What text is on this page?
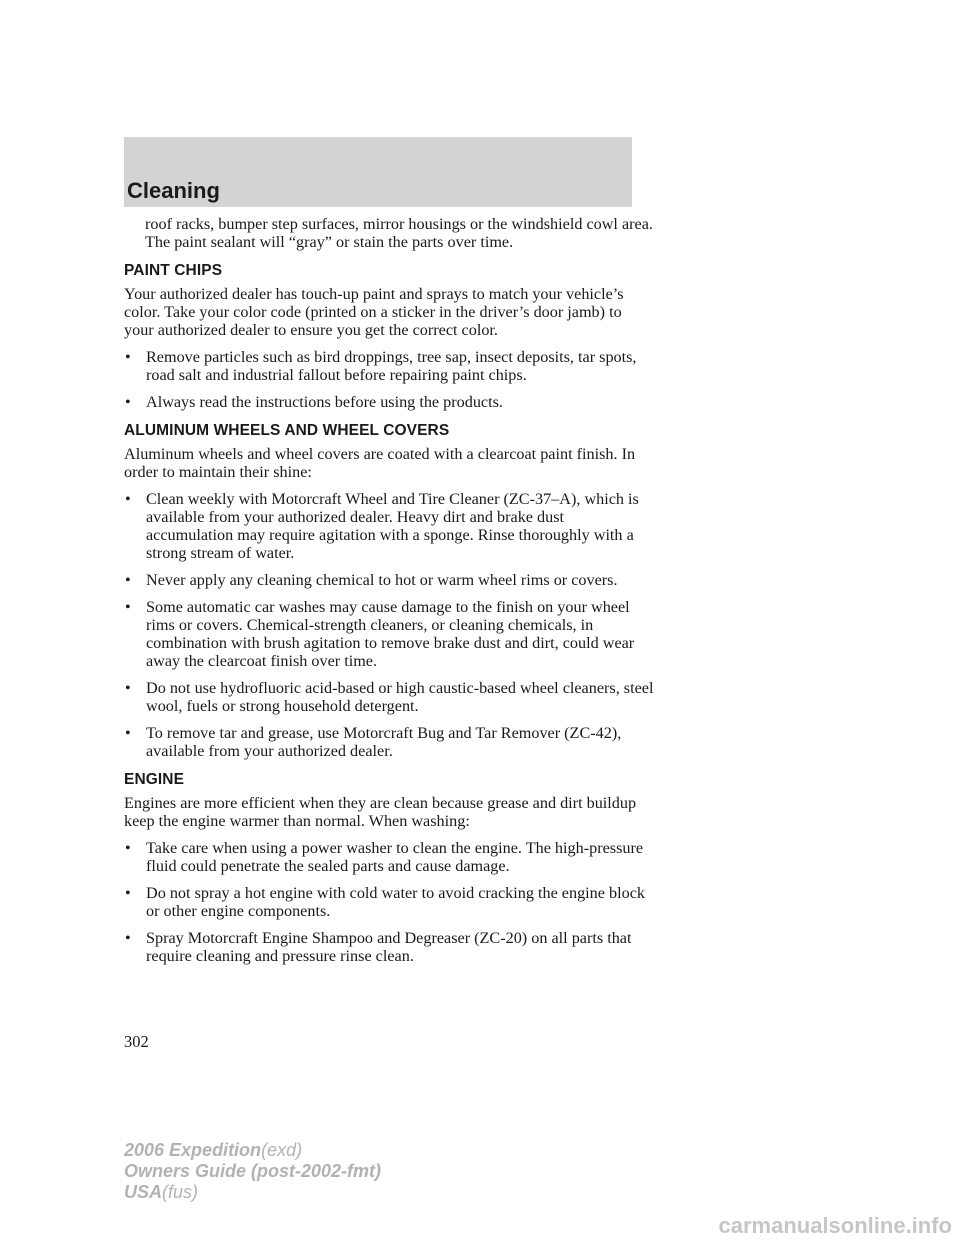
Cleaning

roof racks, bumper step surfaces, mirror housings or the windshield cowl area. The paint sealant will “gray” or stain the parts over time.

PAINT CHIPS

Your authorized dealer has touch-up paint and sprays to match your vehicle’s color. Take your color code (printed on a sticker in the driver’s door jamb) to your authorized dealer to ensure you get the correct color.

• Remove particles such as bird droppings, tree sap, insect deposits, tar spots, road salt and industrial fallout before repairing paint chips.
• Always read the instructions before using the products.
ALUMINUM WHEELS AND WHEEL COVERS

Aluminum wheels and wheel covers are coated with a clearcoat paint finish. In order to maintain their shine:

• Clean weekly with Motorcraft Wheel and Tire Cleaner (ZC-37–A), which is available from your authorized dealer. Heavy dirt and brake dust accumulation may require agitation with a sponge. Rinse thoroughly with a strong stream of water.
• Never apply any cleaning chemical to hot or warm wheel rims or covers.
• Some automatic car washes may cause damage to the finish on your wheel rims or covers. Chemical-strength cleaners, or cleaning chemicals, in combination with brush agitation to remove brake dust and dirt, could wear away the clearcoat finish over time.
• Do not use hydrofluoric acid-based or high caustic-based wheel cleaners, steel wool, fuels or strong household detergent.
• To remove tar and grease, use Motorcraft Bug and Tar Remover (ZC-42), available from your authorized dealer.
ENGINE

Engines are more efficient when they are clean because grease and dirt buildup keep the engine warmer than normal. When washing:

• Take care when using a power washer to clean the engine. The high-pressure fluid could penetrate the sealed parts and cause damage.
• Do not spray a hot engine with cold water to avoid cracking the engine block or other engine components.
• Spray Motorcraft Engine Shampoo and Degreaser (ZC-20) on all parts that require cleaning and pressure rinse clean.
302
2006 Expedition(exd)
Owners Guide (post-2002-fmt)
USA(fus)
carmanualsonline.info
